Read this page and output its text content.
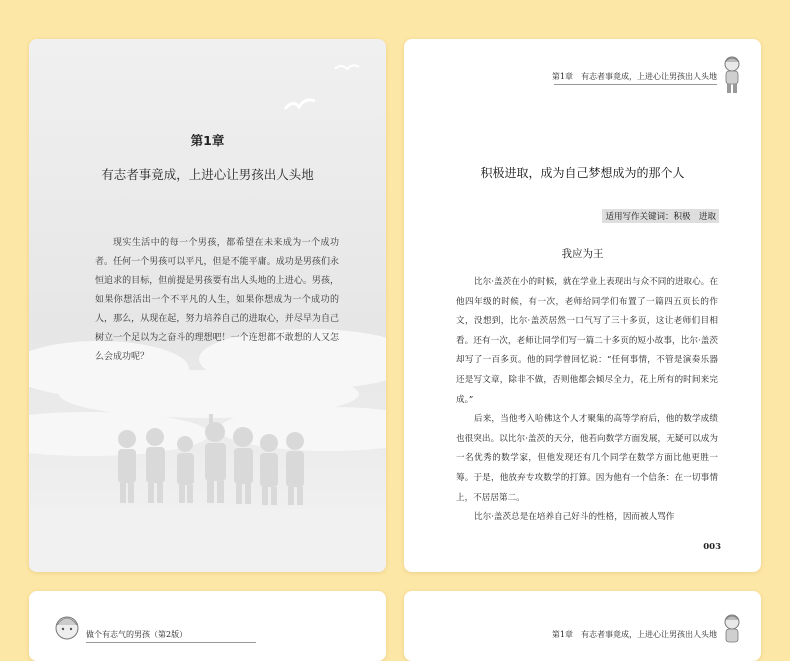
第1章
有志者事竟成，上进心让男孩出人头地
现实生活中的每一个男孩，都希望在未来成为一个成功者。任何一个男孩可以平凡，但是不能平庸。成功是男孩们永恒追求的目标，但前提是男孩要有出人头地的上进心。男孩，如果你想活出一个不平凡的人生，如果你想成为一个成功的人，那么，从现在起，努力培养自己的进取心，并尽早为自己树立一个足以为之奋斗的理想吧！一个连想都不敢想的人又怎么会成功呢？
第1章　有志者事竟成，上进心让男孩出人头地
积极进取，成为自己梦想成为的那个人
适用写作关键词：积极　进取
我应为王

比尔·盖茨在小的时候，就在学业上表现出与众不同的进取心。在他四年级的时候，有一次，老师给同学们布置了一篇四五页长的作文，没想到，比尔·盖茨居然一口气写了三十多页，这让老师们目相看。还有一次，老师让同学们写一篇二十多页的短小故事，比尔·盖茨却写了一百多页。他的同学曾回忆说：“任何事情，不管是演奏乐器还是写文章，除非不做，否则他都会倾尽全力，花上所有的时间来完成。”

后来，当他考入哈佛这个人才聚集的高等学府后，他的数学成绩也很突出。以比尔·盖茨的天分，他若向数学方面发展，无疑可以成为一名优秀的数学家，但他发现还有几个同学在数学方面比他更胜一筹。于是，他放弃专攻数学的打算。因为他有一个信条：在一切事情上，不居居第二。

比尔·盖茨总是在培养自己好斗的性格，因而被人骂作

003
做个有志气的男孩（第2版）	第1章　有志者事竟成，上进心让男孩出人头地
